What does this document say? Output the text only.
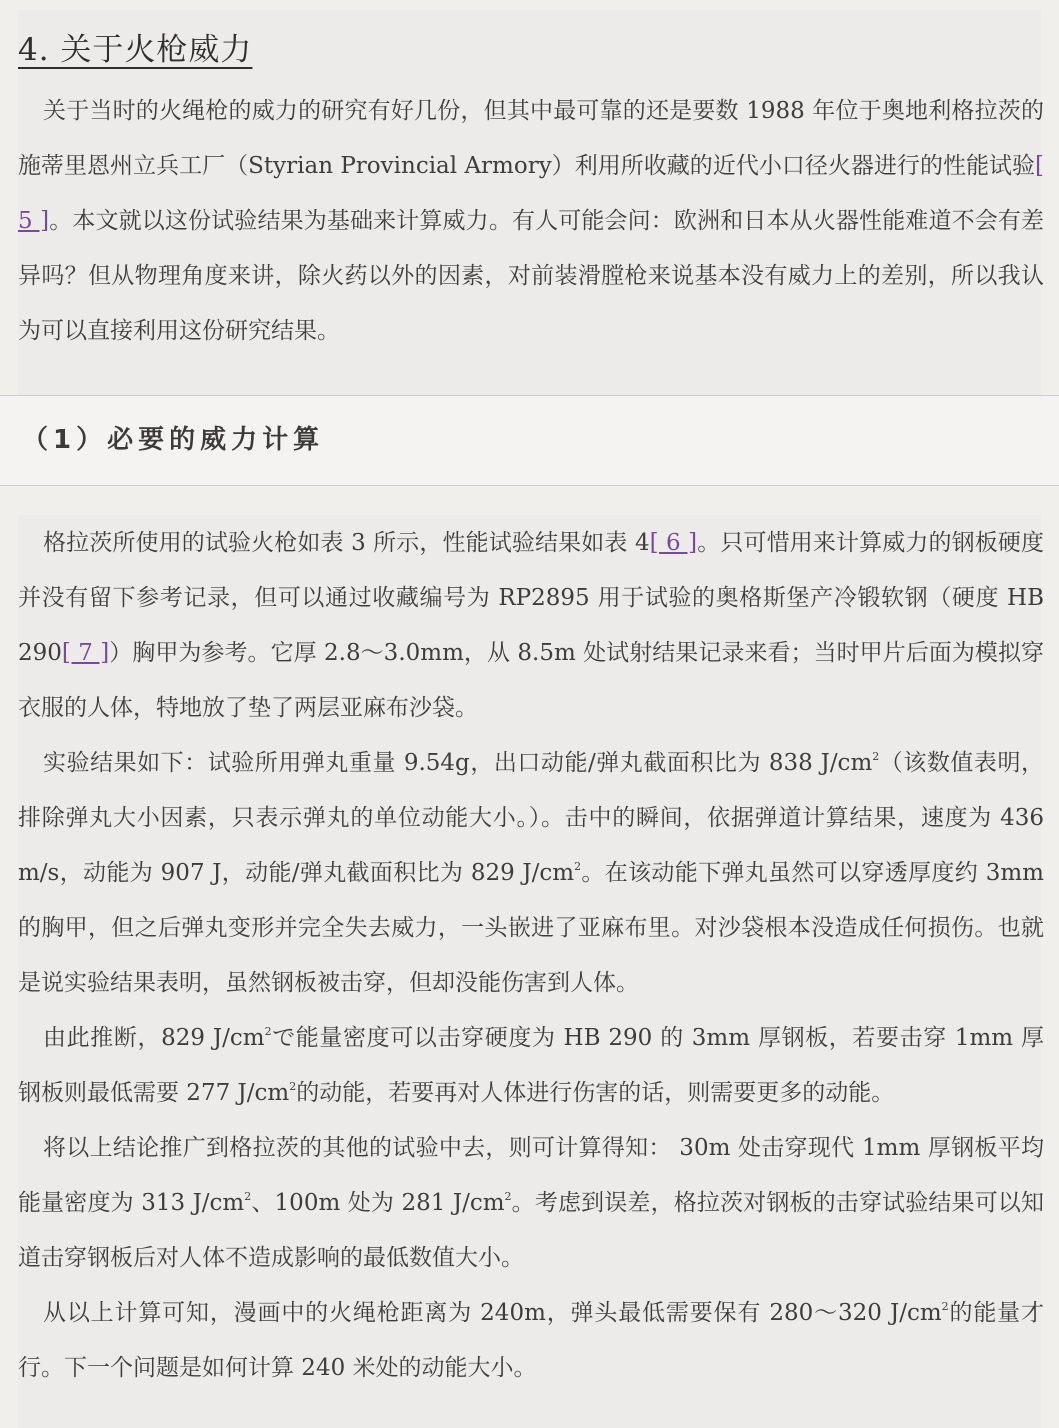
4. 关于火枪威力

关于当时的火绳枪的威力的研究有好几份，但其中最可靠的还是要数 1988 年位于奥地利格拉茨的施蒂里恩州立兵工厂（Styrian Provincial Armory）利用所收藏的近代小口径火器进行的性能试验[ 5 ]。本文就以这份试验结果为基础来计算威力。有人可能会问：欧洲和日本从火器性能难道不会有差异吗？但从物理角度来讲，除火药以外的因素，对前装滑膛枪来说基本没有威力上的差别，所以我认为可以直接利用这份研究结果。

（1）必要的威力计算

格拉茨所使用的试验火枪如表 3 所示，性能试验结果如表 4[ 6 ]。只可惜用来计算威力的钢板硬度并没有留下参考记录，但可以通过收藏编号为 RP2895 用于试验的奥格斯堡产冷锻软钢（硬度 HB 290[ 7 ]）胸甲为参考。它厚 2.8～3.0mm，从 8.5m 处试射结果记录来看；当时甲片后面为模拟穿衣服的人体，特地放了垫了两层亚麻布沙袋。

实验结果如下：试验所用弹丸重量 9.54g，出口动能/弹丸截面积比为 838 $J/cm^2$（该数值表明，排除弹丸大小因素，只表示弹丸的单位动能大小。）。击中的瞬间，依据弹道计算结果，速度为 436 m/s，动能为 907 J，动能/弹丸截面积比为 829 $J/cm^2$。在该动能下弹丸虽然可以穿透厚度约 3mm 的胸甲，但之后弹丸变形并完全失去威力，一头嵌进了亚麻布里。对沙袋根本没造成任何损伤。也就是说实验结果表明，虽然钢板被击穿，但却没能伤害到人体。

由此推断，829 $J/cm^2$で能量密度可以击穿硬度为 HB 290 的 3mm 厚钢板，若要击穿 1mm 厚钢板则最低需要 277 $J/cm^2$的动能，若要再对人体进行伤害的话，则需要更多的动能。

将以上结论推广到格拉茨的其他的试验中去，则可计算得知： 30m 处击穿现代 1mm 厚钢板平均能量密度为 313 $J/cm^2$、100m 处为 281 $J/cm^2$。考虑到误差，格拉茨对钢板的击穿试验结果可以知道击穿钢板后对人体不造成影响的最低数值大小。

从以上计算可知，漫画中的火绳枪距离为 240m，弹头最低需要保有 280～320 $J/cm^2$的能量才行。下一个问题是如何计算 240 米处的动能大小。
